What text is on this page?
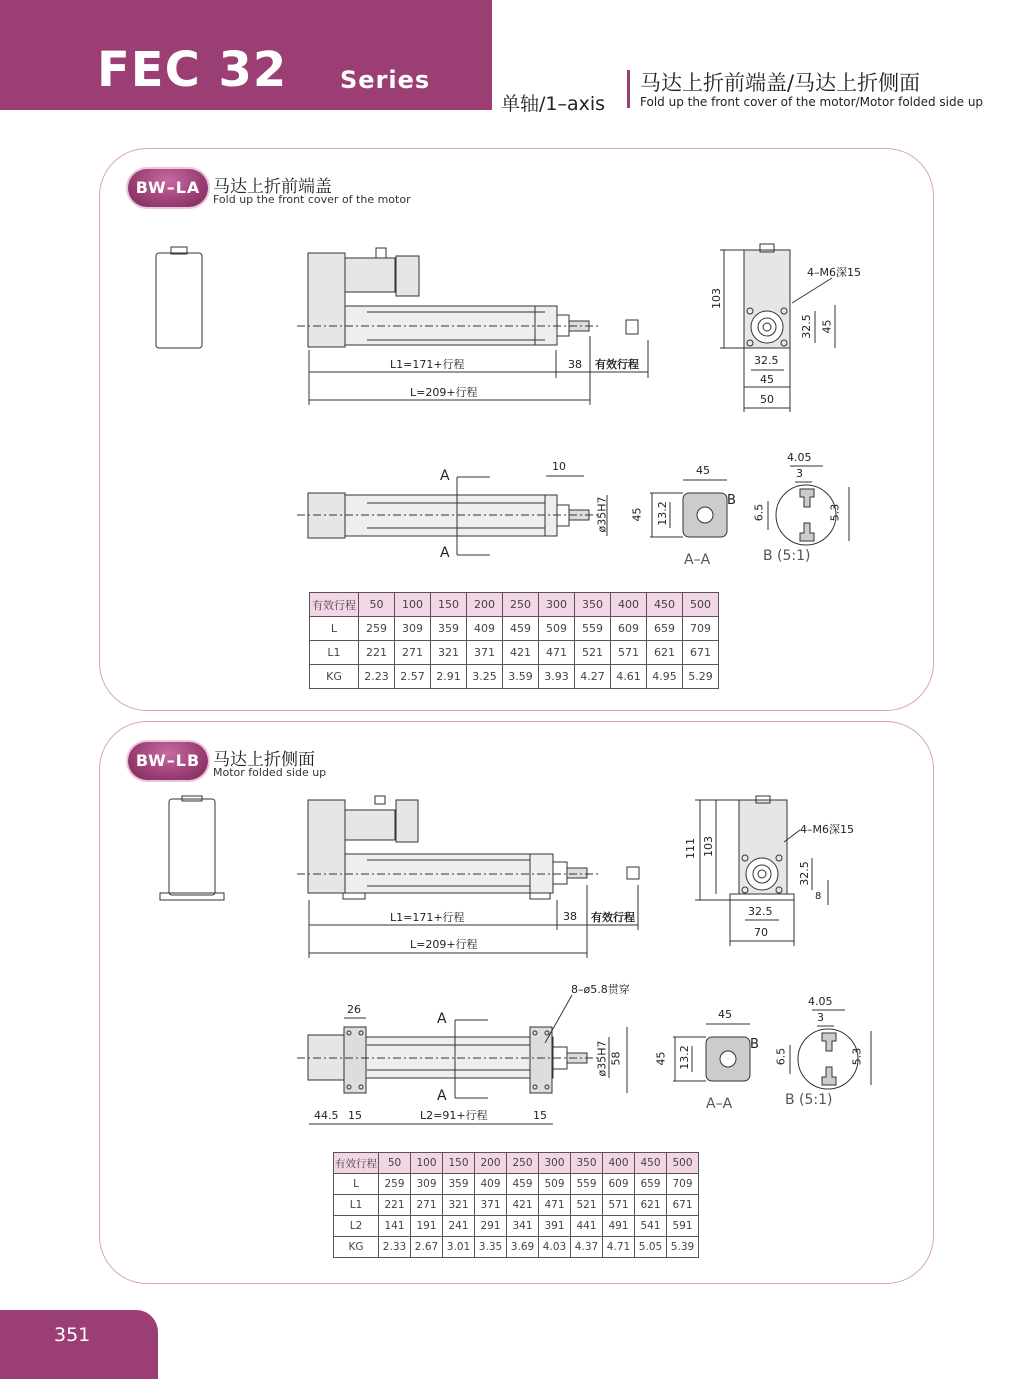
FEC 32 Series
单轴/1–axis
马达上折前端盖/马达上折侧面
Fold up the front cover of the motor/Motor folded side up
BW–LA 马达上折前端盖
Fold up the front cover of the motor
L1=171+行程
L=209+行程
38 有效行程
103
4–M6深15
32.5 45
32.5
45
50
10
ø35H7
A
A
45
45 13.2
B
A–A
4.05
3
6.5	5.3
B (5:1)
有效行程	50	100	150	200	250	300	350	400	450	500
L	259	309	359	409	459	509	559	609	659	709
L1	221	271	321	371	421	471	521	571	621	671
KG	2.23	2.57	2.91	3.25	3.59	3.93	4.27	4.61	4.95	5.29
BW–LB 马达上折侧面
Motor folded side up
L1=171+行程
L=209+行程
38 有效行程
111 103
4–M6深15
32.5
8
32.5
70
26
8–ø5.8贯穿
ø35H7 58
A
A
44.5 15	L2=91+行程	15
45
45 13.2
B
A–A
4.05
3
6.5	5.3
B (5:1)
有效行程	50	100	150	200	250	300	350	400	450	500
L	259	309	359	409	459	509	559	609	659	709
L1	221	271	321	371	421	471	521	571	621	671
L2	141	191	241	291	341	391	441	491	541	591
KG	2.33	2.67	3.01	3.35	3.69	4.03	4.37	4.71	5.05	5.39
351
